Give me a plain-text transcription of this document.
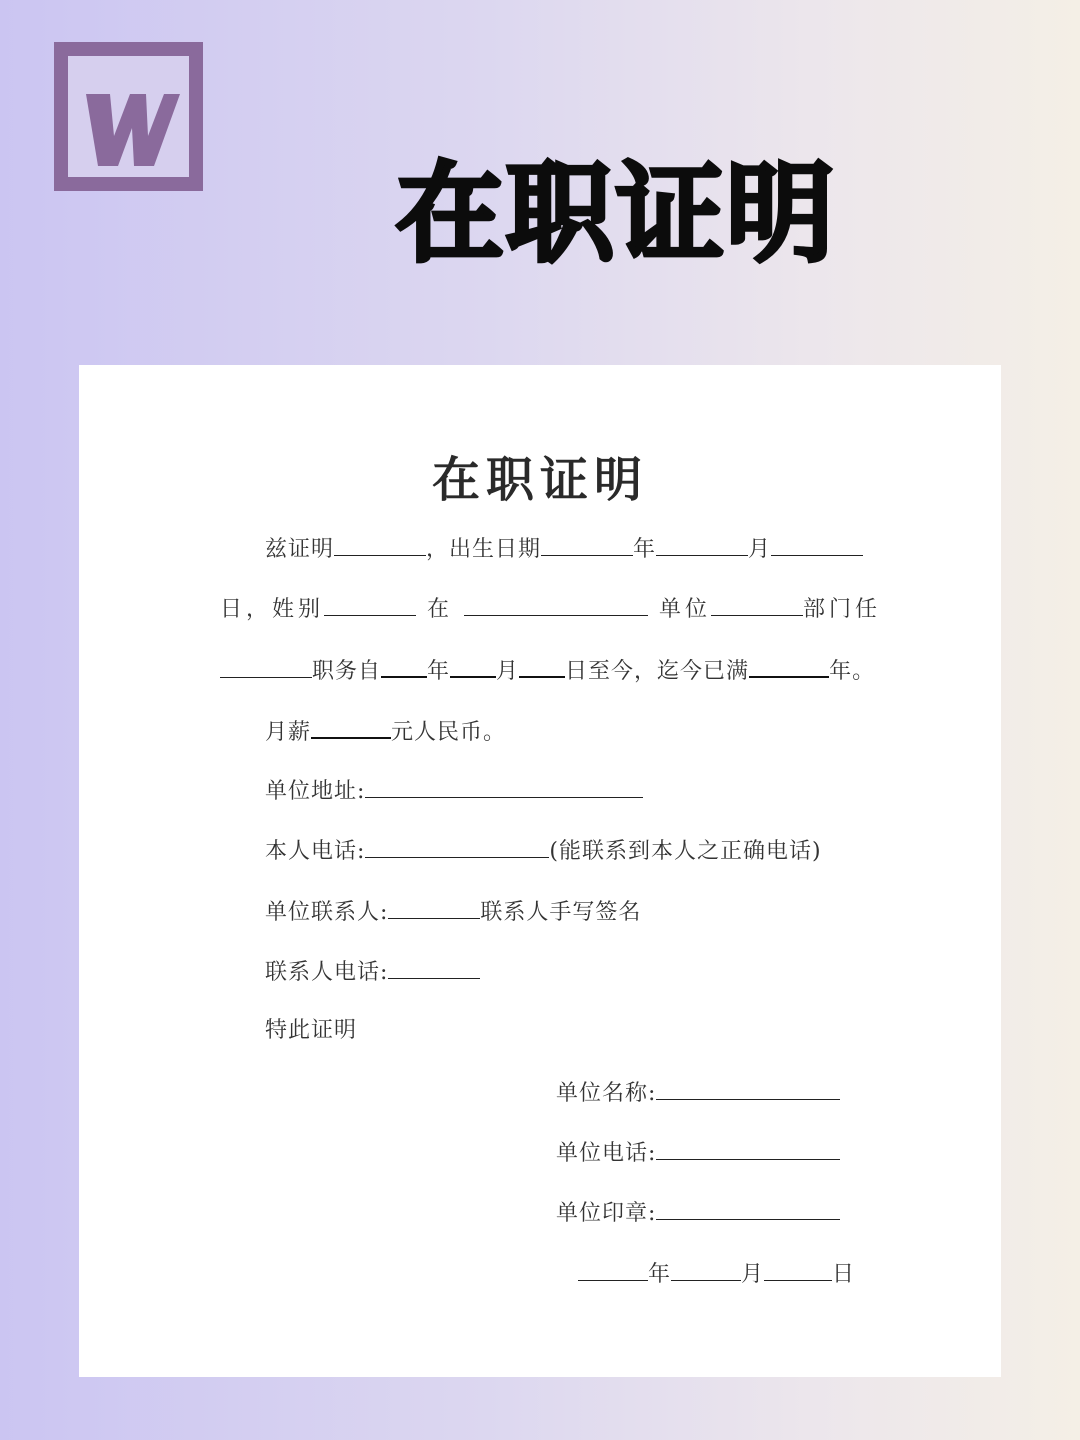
在职证明
在职证明
兹证明	，出生日期	年	月
日，姓别	在	单位	部门任
职务自 年 月 日至今，迄今已满	年。
月薪	元人民币。
单位地址:
本人电话:	(能联系到本人之正确电话)
单位联系人:	联系人手写签名
联系人电话:
特此证明
单位名称:
单位电话:
单位印章:
年	月	日
